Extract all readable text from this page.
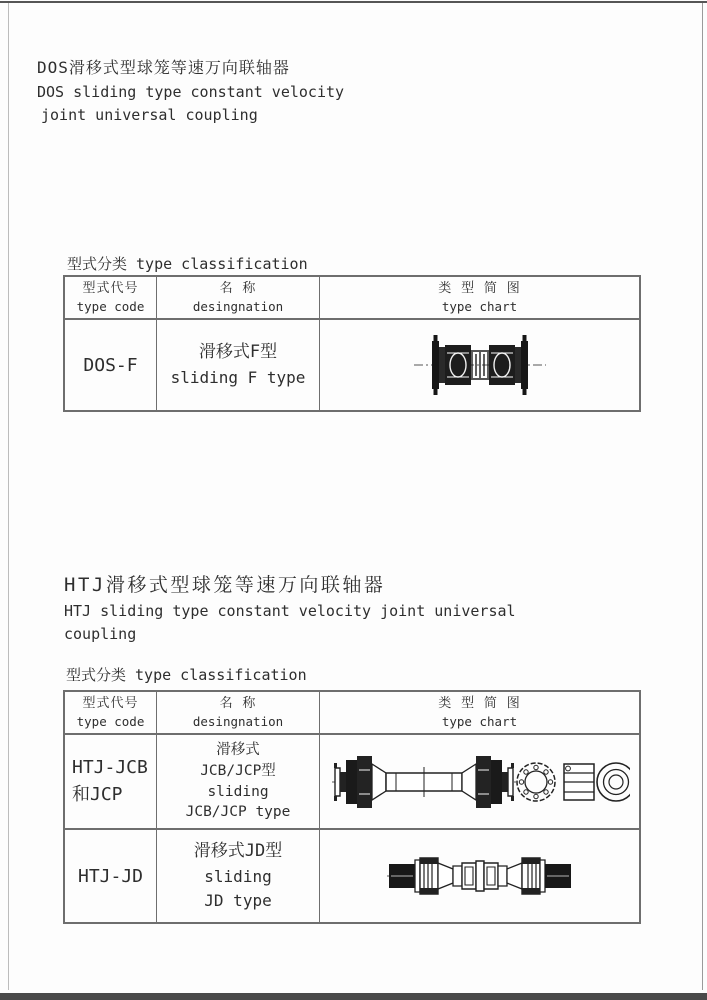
DOS滑移式型球笼等速万向联轴器
DOS sliding type constant velocity
joint universal coupling
型式分类 type classification
型式代号
type code
名 称
desingnation
类 型 简 图
type chart
DOS-F
滑移式F型
sliding F type
HTJ滑移式型球笼等速万向联轴器
HTJ sliding type constant velocity joint universal
coupling
型式分类 type classification
型式代号
type code
名 称
desingnation
类 型 简 图
type chart
HTJ-JCB
和JCP
滑移式
JCB/JCP型
sliding
JCB/JCP type
HTJ-JD
滑移式JD型
sliding
JD type
